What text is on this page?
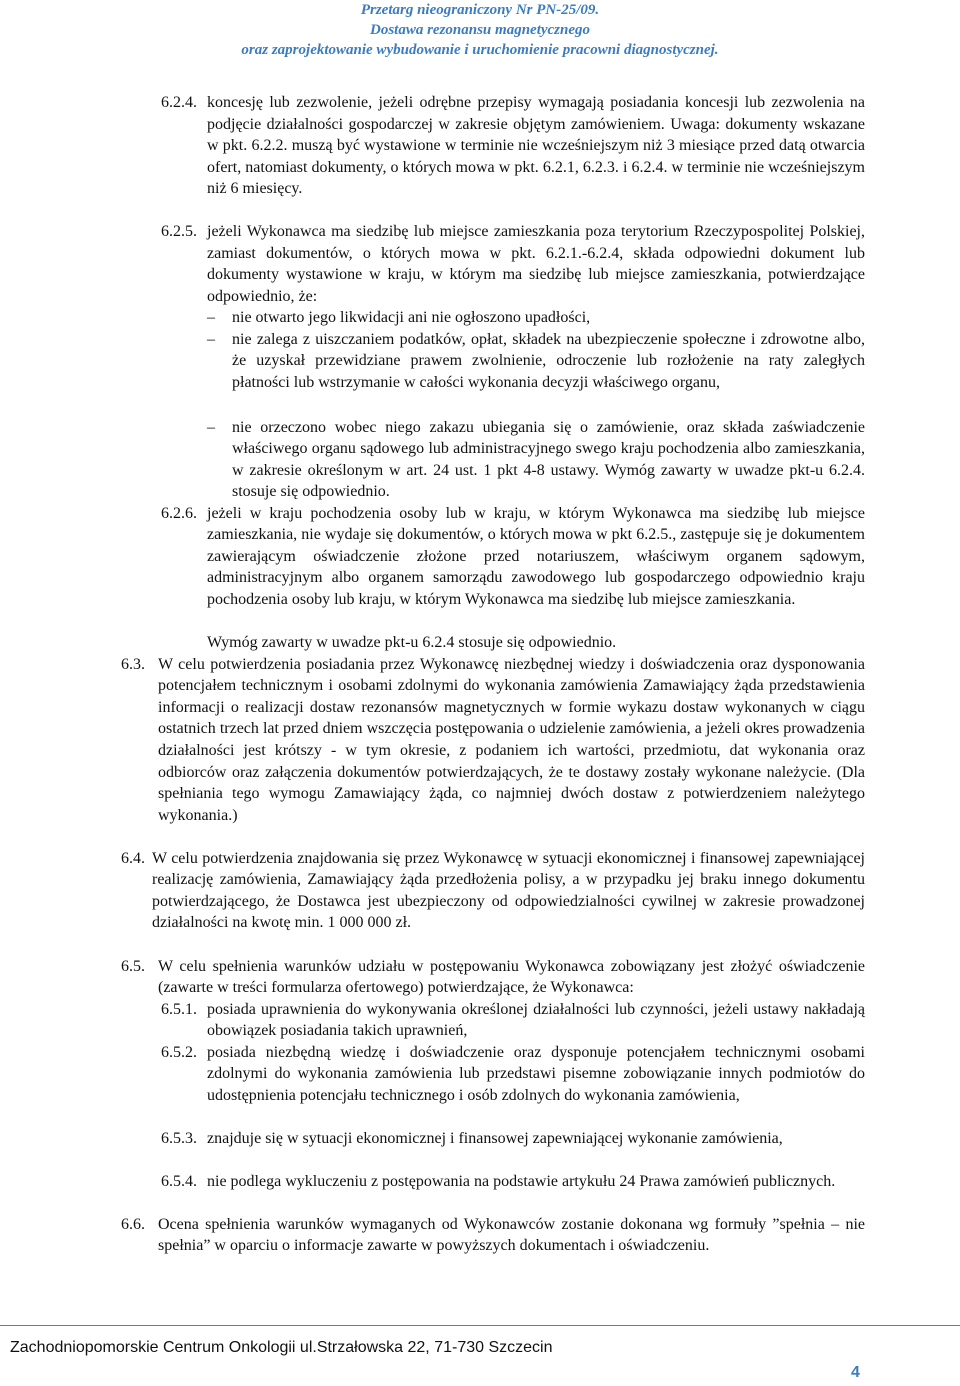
Przetarg nieograniczony Nr PN-25/09.
Dostawa rezonansu magnetycznego
oraz zaprojektowanie wybudowanie i uruchomienie pracowni diagnostycznej.
6.2.4. koncesję lub zezwolenie, jeżeli odrębne przepisy wymagają posiadania koncesji lub zezwolenia na podjęcie działalności gospodarczej w zakresie objętym zamówieniem. Uwaga: dokumenty wskazane w pkt. 6.2.2. muszą być wystawione w terminie nie wcześniejszym niż 3 miesiące przed datą otwarcia ofert, natomiast dokumenty, o których mowa w pkt. 6.2.1, 6.2.3. i 6.2.4. w terminie nie wcześniejszym niż 6 miesięcy.
6.2.5. jeżeli Wykonawca ma siedzibę lub miejsce zamieszkania poza terytorium Rzeczypospolitej Polskiej, zamiast dokumentów, o których mowa w pkt. 6.2.1.-6.2.4, składa odpowiedni dokument lub dokumenty wystawione w kraju, w którym ma siedzibę lub miejsce zamieszkania, potwierdzające odpowiednio, że:
– nie otwarto jego likwidacji ani nie ogłoszono upadłości,
– nie zalega z uiszczaniem podatków, opłat, składek na ubezpieczenie społeczne i zdrowotne albo, że uzyskał przewidziane prawem zwolnienie, odroczenie lub rozłożenie na raty zaległych płatności lub wstrzymanie w całości wykonania decyzji właściwego organu,
– nie orzeczono wobec niego zakazu ubiegania się o zamówienie, oraz składa zaświadczenie właściwego organu sądowego lub administracyjnego swego kraju pochodzenia albo zamieszkania, w zakresie określonym w art. 24 ust. 1 pkt 4-8 ustawy. Wymóg zawarty w uwadze pkt-u 6.2.4. stosuje się odpowiednio.
6.2.6. jeżeli w kraju pochodzenia osoby lub w kraju, w którym Wykonawca ma siedzibę lub miejsce zamieszkania, nie wydaje się dokumentów, o których mowa w pkt 6.2.5., zastępuje się je dokumentem zawierającym oświadczenie złożone przed notariuszem, właściwym organem sądowym, administracyjnym albo organem samorządu zawodowego lub gospodarczego odpowiednio kraju pochodzenia osoby lub kraju, w którym Wykonawca ma siedzibę lub miejsce zamieszkania.
Wymóg zawarty w uwadze pkt-u 6.2.4 stosuje się odpowiednio.
6.3. W celu potwierdzenia posiadania przez Wykonawcę niezbędnej wiedzy i doświadczenia oraz dysponowania potencjałem technicznym i osobami zdolnymi do wykonania zamówienia Zamawiający żąda przedstawienia informacji o realizacji dostaw rezonansów magnetycznych w formie wykazu dostaw wykonanych w ciągu ostatnich trzech lat przed dniem wszczęcia postępowania o udzielenie zamówienia, a jeżeli okres prowadzenia działalności jest krótszy - w tym okresie, z podaniem ich wartości, przedmiotu, dat wykonania oraz odbiorców oraz załączenia dokumentów potwierdzających, że te dostawy zostały wykonane należycie. (Dla spełniania tego wymogu Zamawiający żąda, co najmniej dwóch dostaw z potwierdzeniem należytego wykonania.)
6.4. W celu potwierdzenia znajdowania się przez Wykonawcę w sytuacji ekonomicznej i finansowej zapewniającej realizację zamówienia, Zamawiający żąda przedłożenia polisy, a w przypadku jej braku innego dokumentu potwierdzającego, że Dostawca jest ubezpieczony od odpowiedzialności cywilnej w zakresie prowadzonej działalności na kwotę min. 1 000 000 zł.
6.5. W celu spełnienia warunków udziału w postępowaniu Wykonawca zobowiązany jest złożyć oświadczenie (zawarte w treści formularza ofertowego) potwierdzające, że Wykonawca:
6.5.1. posiada uprawnienia do wykonywania określonej działalności lub czynności, jeżeli ustawy nakładają obowiązek posiadania takich uprawnień,
6.5.2. posiada niezbędną wiedzę i doświadczenie oraz dysponuje potencjałem technicznymi osobami zdolnymi do wykonania zamówienia lub przedstawi pisemne zobowiązanie innych podmiotów do udostępnienia potencjału technicznego i osób zdolnych do wykonania zamówienia,
6.5.3. znajduje się w sytuacji ekonomicznej i finansowej zapewniającej wykonanie zamówienia,
6.5.4. nie podlega wykluczeniu z postępowania na podstawie artykułu 24 Prawa zamówień publicznych.
6.6. Ocena spełnienia warunków wymaganych od Wykonawców zostanie dokonana wg formuły ”spełnia – nie spełnia” w oparciu o informacje zawarte w powyższych dokumentach i oświadczeniu.
Zachodniopomorskie Centrum Onkologii ul.Strzałowska 22, 71-730 Szczecin
4
